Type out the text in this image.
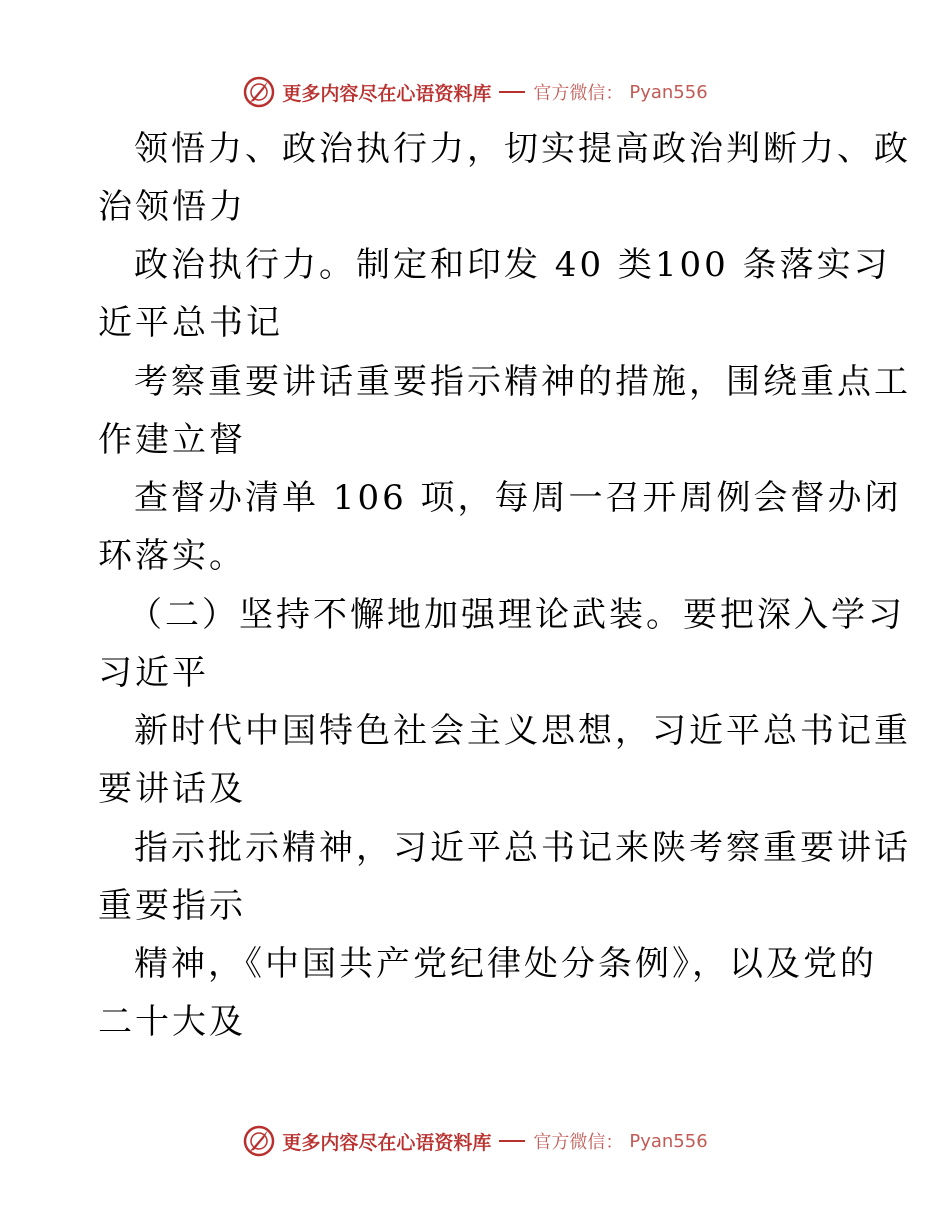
更多内容尽在心语资料库 官方微信： Pyan556
领悟力、政治执行力，切实提高政治判断力、政
治领悟力
政治执行力。制定和印发 40 类100 条落实习
近平总书记
考察重要讲话重要指示精神的措施，围绕重点工
作建立督
查督办清单 106 项，每周一召开周例会督办闭
环落实。
（二）坚持不懈地加强理论武装。要把深入学习
习近平
新时代中国特色社会主义思想，习近平总书记重
要讲话及
指示批示精神，习近平总书记来陕考察重要讲话
重要指示
精神，《中国共产党纪律处分条例》，以及党的
二十大及
更多内容尽在心语资料库 官方微信： Pyan556
